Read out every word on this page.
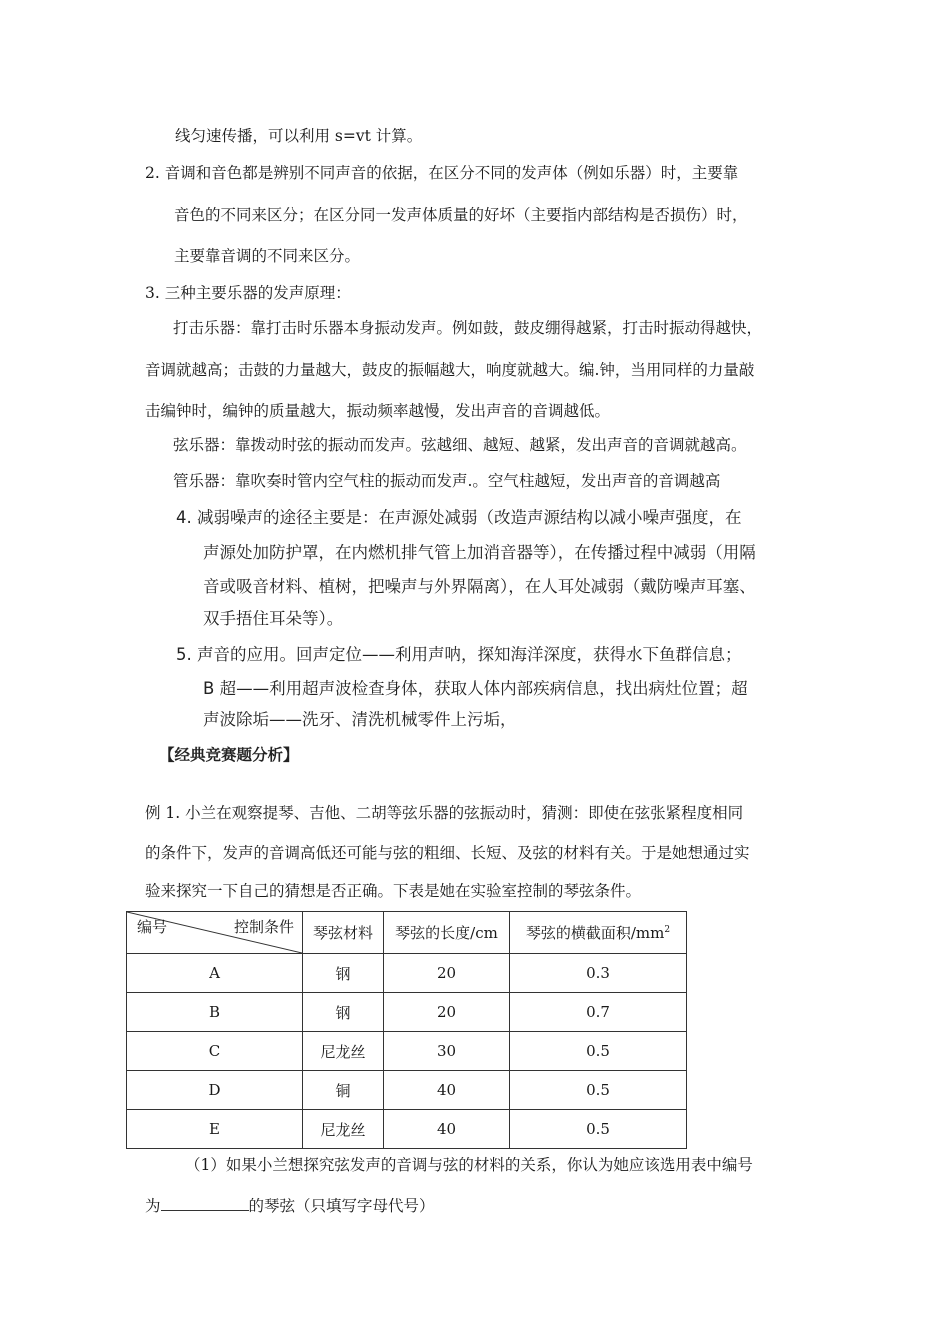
线匀速传播，可以利用 s=vt 计算。
2. 音调和音色都是辨别不同声音的依据，在区分不同的发声体（例如乐器）时，主要靠
音色的不同来区分；在区分同一发声体质量的好坏（主要指内部结构是否损伤）时，
主要靠音调的不同来区分。
3. 三种主要乐器的发声原理：
打击乐器：靠打击时乐器本身振动发声。例如鼓，鼓皮绷得越紧，打击时振动得越快，
音调就越高；击鼓的力量越大，鼓皮的振幅越大，响度就越大。编.钟，当用同样的力量敲
击编钟时，编钟的质量越大，振动频率越慢，发出声音的音调越低。
弦乐器：靠拨动时弦的振动而发声。弦越细、越短、越紧，发出声音的音调就越高。
管乐器：靠吹奏时管内空气柱的振动而发声.。空气柱越短，发出声音的音调越高
4. 减弱噪声的途径主要是：在声源处减弱（改造声源结构以减小噪声强度，在
声源处加防护罩，在内燃机排气管上加消音器等），在传播过程中减弱（用隔
音或吸音材料、植树，把噪声与外界隔离），在人耳处减弱（戴防噪声耳塞、
双手捂住耳朵等）。
5. 声音的应用。回声定位——利用声呐，探知海洋深度，获得水下鱼群信息；
B 超——利用超声波检查身体，获取人体内部疾病信息，找出病灶位置；超
声波除垢——洗牙、清洗机械零件上污垢，
【经典竞赛题分析】
例 1. 小兰在观察提琴、吉他、二胡等弦乐器的弦振动时，猜测：即使在弦张紧程度相同
的条件下，发声的音调高低还可能与弦的粗细、长短、及弦的材料有关。于是她想通过实
验来探究一下自己的猜想是否正确。下表是她在实验室控制的琴弦条件。
编号 控制条件	琴弦材料	琴弦的长度/cm	琴弦的横截面积$/mm^2$
A	钢	20	0.3
B	钢	20	0.7
C	尼龙丝	30	0.5
D	铜	40	0.5
E	尼龙丝	40	0.5
（1）如果小兰想探究弦发声的音调与弦的材料的关系，你认为她应该选用表中编号
为	的琴弦（只填写字母代号）
